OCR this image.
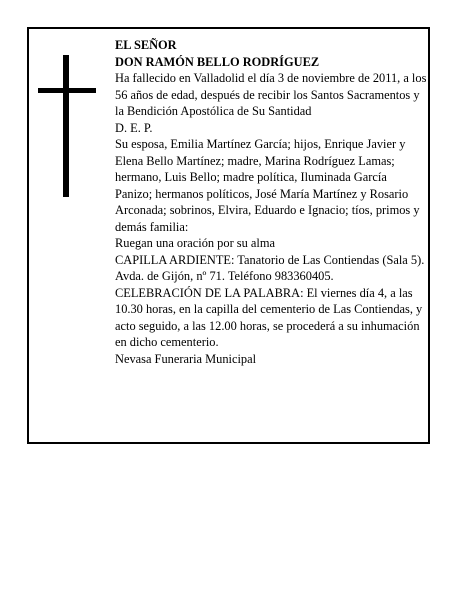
EL SEÑOR

DON RAMÓN BELLO RODRÍGUEZ

Ha fallecido en Valladolid el día 3 de noviembre de 2011, a los 56 años de edad, después de recibir los Santos Sacramentos y la Bendición Apostólica de Su Santidad

D. E. P.

Su esposa, Emilia Martínez García; hijos, Enrique Javier y Elena Bello Martínez; madre, Marina Rodríguez Lamas; hermano, Luis Bello; madre política, Iluminada García Panizo; hermanos políticos, José María Martínez y Rosario Arconada; sobrinos, Elvira, Eduardo e Ignacio; tíos, primos y demás familia:

Ruegan una oración por su alma

CAPILLA ARDIENTE: Tanatorio de Las Contiendas (Sala 5). Avda. de Gijón, nº 71. Teléfono 983360405.

CELEBRACIÓN DE LA PALABRA: El viernes día 4, a las 10.30 horas, en la capilla del cementerio de Las Contiendas, y acto seguido, a las 12.00 horas, se procederá a su inhumación en dicho cementerio.

Nevasa Funeraria Municipal
